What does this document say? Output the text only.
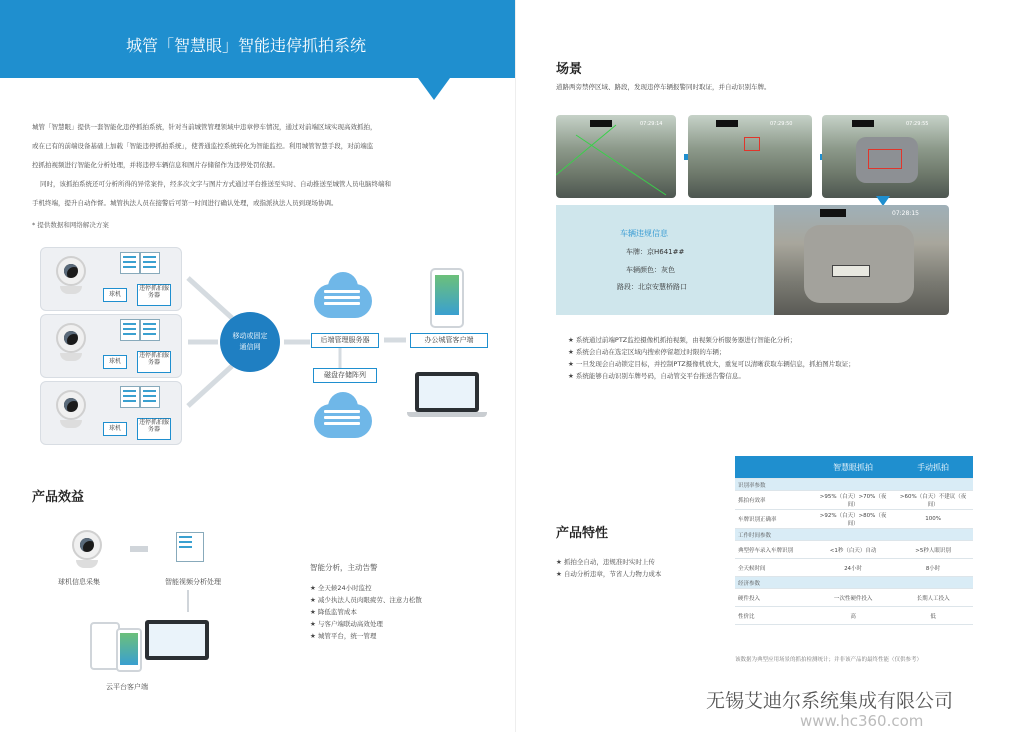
城管「智慧眼」智能违停抓拍系统
城管「智慧眼」提供一套智能化违停抓拍系统，针对当前城管管理领域中违章停车情况，通过对前端区域实现高效抓拍，
或在已有的前端设备基础上加载「智能违停抓拍系统」，使普通监控系统转化为智能监控。利用城管智慧手段，对前端监
控抓拍视频进行智能化分析处理，并将违停车辆信息和图片存储留作为违停处罚依据。
同时，该抓拍系统还可分析所得的异常案件，经多次文字与图片方式通过平台推送至实时、自动推送至城管人员电脑终端和
手机终端，提升自动作督。城管执法人员在接警后可第一时间进行确认处理，或指派执法人员到现场协调。
* 提供数据和网络解决方案
球机
违停抓拍服务器
球机
违停抓拍服务器
球机
违停抓拍服务器
移动或固定
通信网
后端管理服务器
磁盘存储阵列
办公城管客户端
产品效益
球机信息采集	智能视频分析处理
云平台客户端
智能分析，主动告警
★ 全天候24小时监控
★ 减少执法人员肉眼疲劳、注意力松散
★ 降低监管成本
★ 与客户端联动高效处理
★ 城管平台，统一管理
场景
道路两旁禁停区域、路段，发现违停车辆报警同时取证，并自动识别车牌。
07:29:14	07:29:50	07:29:55
车辆违规信息
车牌：京H641##
车辆颜色：灰色
路段：北京安慧桥路口
07:28:15
★ 系统通过前端PTZ监控摄像机抓拍视频，由视频分析服务器进行智能化分析；
★ 系统会自动在选定区域内搜索停留超过时限的车辆；
★ 一旦发现会自动锁定目标，并控制PTZ摄像机放大，重复可以清晰获取车辆信息，抓拍图片取证；
★ 系统能够自动识别车牌号码，自动管交平台推送告警信息。
产品特性
★ 抓拍全自动，违规准时实时上传
★ 自动分析违章，节省人力物力成本
	智慧眼抓拍	手动抓拍
识别率参数		
抓拍有效率	>95%（白天）>70%（夜间）	>60%（白天）不建议（夜间）
车牌识别正确率	>92%（白天）>80%（夜间）	100%
工作时间参数		
典型停车录入车牌识别	<1秒（白天）自动	>5秒人眼识别
全天候时间	24小时	8小时
经济参数		
硬件投入	一次性硬件投入	长期人工投入
性价比	高	低
该数据为典型应用场景的抓拍检测统计；并非该产品的最终性能（仅供参考）
无锡艾迪尔系统集成有限公司
www.hc360.com
